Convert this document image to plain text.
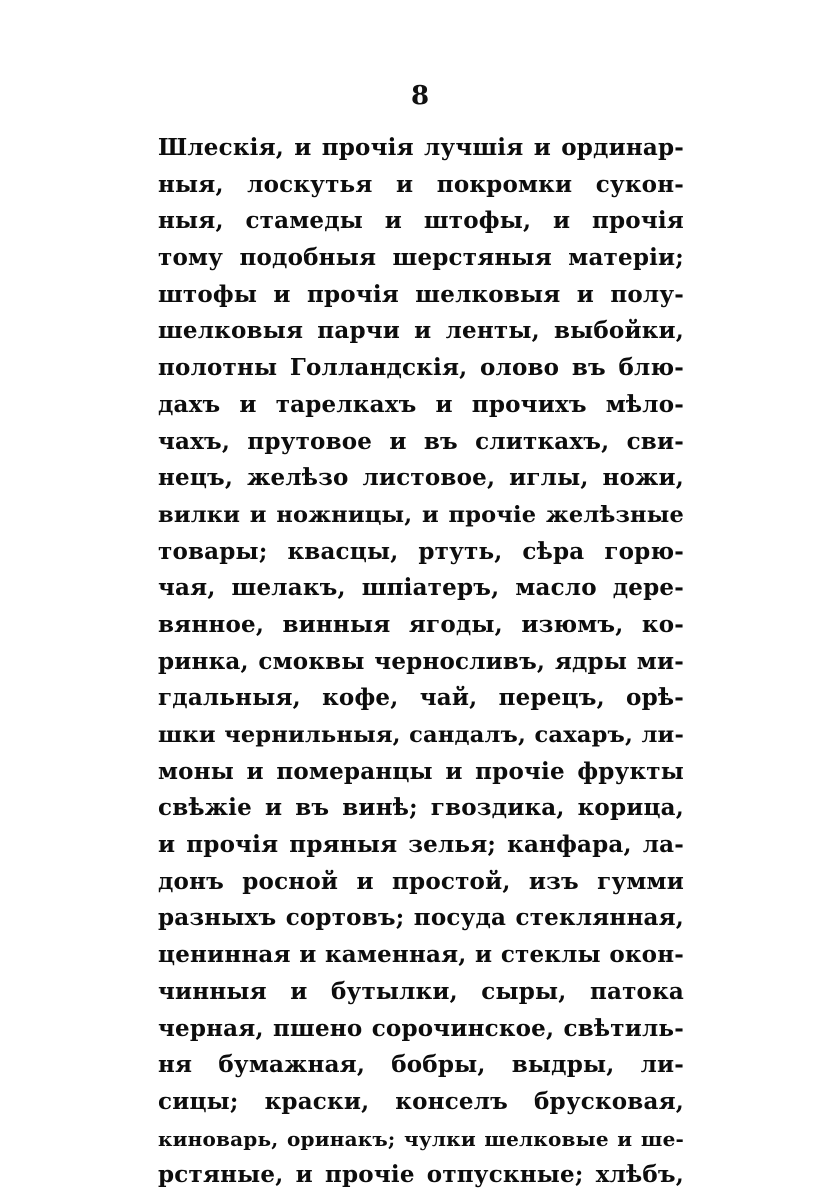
8
Шлескія, и прочія лучшія и ординар-
ныя, лоскутья и покромки сукон-
ныя, стамеды и штофы, и прочія
тому подобныя шерстяныя матеріи;
штофы и прочія шелковыя и полу-
шелковыя парчи и ленты, выбойки,
полотны Голландскія, олово въ блю-
дахъ и тарелкахъ и прочихъ мѣло-
чахъ, прутовое и въ слиткахъ, сви-
нецъ, желѣзо листовое, иглы, ножи,
вилки и ножницы, и прочіе желѣзные
товары; квасцы, ртуть, сѣра горю-
чая, шелакъ, шпіатеръ, масло дере-
вянное, винныя ягоды, изюмъ, ко-
ринка, смоквы черносливъ, ядры ми-
гдальныя, кофе, чай, перецъ, орѣ-
шки чернильныя, сандалъ, сахаръ, ли-
моны и померанцы и прочіе фрукты
свѣжіе и въ винѣ; гвоздика, корица,
и прочія пряныя зелья; канфара, ла-
донъ росной и простой, изъ гумми
разныхъ сортовъ; посуда стеклянная,
ценинная и каменная, и стеклы окон-
чинныя и бутылки, сыры, патока
черная, пшено сорочинское, свѣтиль-
ня бумажная, бобры, выдры, ли-
сицы; краски, конселъ брусковая,
киноварь, оринакъ; чулки шелковые и ше-
рстяные, и прочіе отпускные; хлѣбъ,
